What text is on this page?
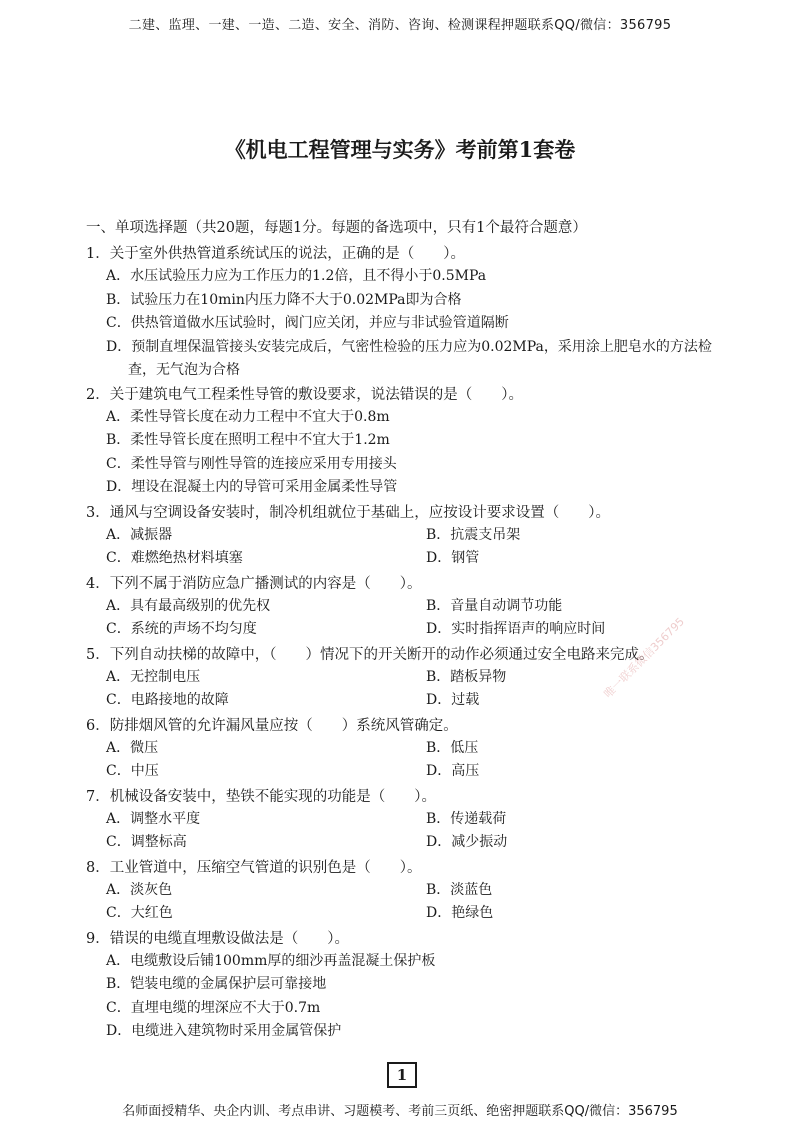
二建、监理、一建、一造、二造、安全、消防、咨询、检测课程押题联系QQ/微信：356795
《机电工程管理与实务》考前第1套卷
一、单项选择题（共20题，每题1分。每题的备选项中，只有1个最符合题意）
1．关于室外供热管道系统试压的说法，正确的是（　　）。
A．水压试验压力应为工作压力的1.2倍，且不得小于0.5MPa
B．试验压力在10min内压力降不大于0.02MPa即为合格
C．供热管道做水压试验时，阀门应关闭，并应与非试验管道隔断
D．预制直埋保温管接头安装完成后，气密性检验的压力应为0.02MPa，采用涂上肥皂水的方法检查，无气泡为合格
2．关于建筑电气工程柔性导管的敷设要求，说法错误的是（　　）。
A．柔性导管长度在动力工程中不宜大于0.8m
B．柔性导管长度在照明工程中不宜大于1.2m
C．柔性导管与刚性导管的连接应采用专用接头
D．埋设在混凝土内的导管可采用金属柔性导管
3．通风与空调设备安装时，制冷机组就位于基础上，应按设计要求设置（　　）。
A．减振器	B．抗震支吊架
C．难燃绝热材料填塞	D．钢管
4．下列不属于消防应急广播测试的内容是（　　）。
A．具有最高级别的优先权	B．音量自动调节功能
C．系统的声场不均匀度	D．实时指挥语声的响应时间
5．下列自动扶梯的故障中，（　　）情况下的开关断开的动作必须通过安全电路来完成。
A．无控制电压	B．踏板异物
C．电路接地的故障	D．过载
6．防排烟风管的允许漏风量应按（　　）系统风管确定。
A．微压	B．低压
C．中压	D．高压
7．机械设备安装中，垫铁不能实现的功能是（　　）。
A．调整水平度	B．传递载荷
C．调整标高	D．减少振动
8．工业管道中，压缩空气管道的识别色是（　　）。
A．淡灰色	B．淡蓝色
C．大红色	D．艳绿色
9．错误的电缆直埋敷设做法是（　　）。
A．电缆敷设后铺100mm厚的细沙再盖混凝土保护板
B．铠装电缆的金属保护层可靠接地
C．直埋电缆的埋深应不大于0.7m
D．电缆进入建筑物时采用金属管保护
唯一联系微信356795
1
名师面授精华、央企内训、考点串讲、习题模考、考前三页纸、绝密押题联系QQ/微信：356795
